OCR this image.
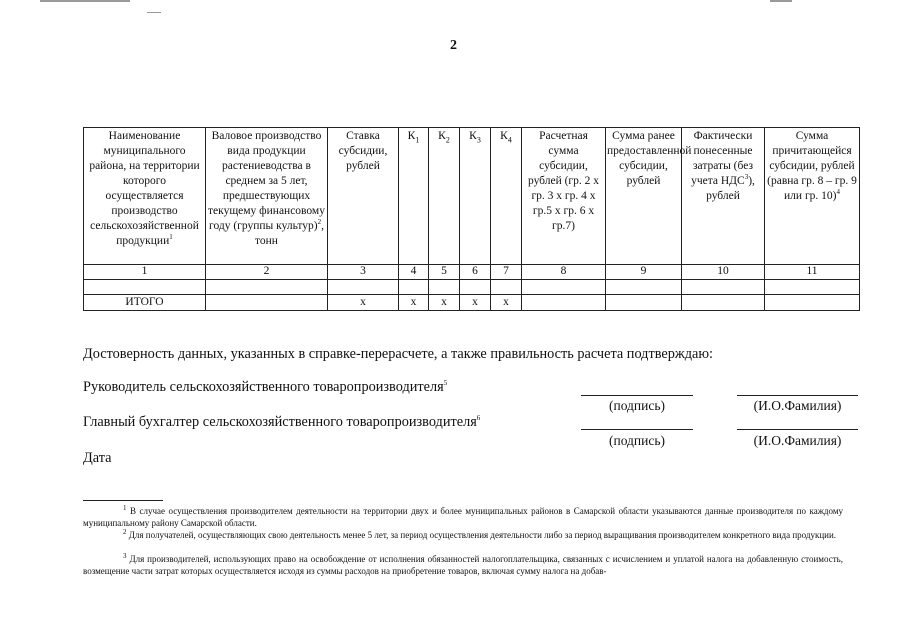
2
Наименование муниципального района, на территории которого осуществляется производство сельскохозяйственной продукции$^1$	Валовое производство вида продукции растениеводства в среднем за 5 лет, предшествующих текущему финансовому году (группы культур)$^2$, тонн	Ставка субсидии, рублей	$К_1$	$К_2$	$К_3$	$К_4$	Расчетная сумма субсидии, рублей (гр. 2 х гр. 3 х гр. 4 х гр.5 х гр. 6 х гр.7)	Сумма ранее предоставленной субсидии, рублей	Фактически понесенные затраты (без учета НДС$^3$), рублей	Сумма причитающейся субсидии, рублей (равна гр. 8 – гр. 9 или гр. 10)$^4$
1	2	3	4	5	6	7	8	9	10	11

ИТОГО		х	х	х	х	х				
Достоверность данных, указанных в справке-перерасчете, а также правильность расчета подтверждаю:
Руководитель сельскохозяйственного товаропроизводителя$^5$
(подпись)	(И.О.Фамилия)
Главный бухгалтер сельскохозяйственного товаропроизводителя$^6$
(подпись)	(И.О.Фамилия)
Дата
$^1$ В случае осуществления производителем деятельности на территории двух и более муниципальных районов в Самарской области указываются данные производителя по каждому муниципальному району Самарской области.
$^2$ Для получателей, осуществляющих свою деятельность менее 5 лет, за период осуществления деятельности либо за период выращивания производителем конкретного вида продукции.
$^3$ Для производителей, использующих право на освобождение от исполнения обязанностей налогоплательщика, связанных с исчислением и уплатой налога на добавленную стоимость, возмещение части затрат которых осуществляется исходя из суммы расходов на приобретение товаров, включая сумму налога на добав-
